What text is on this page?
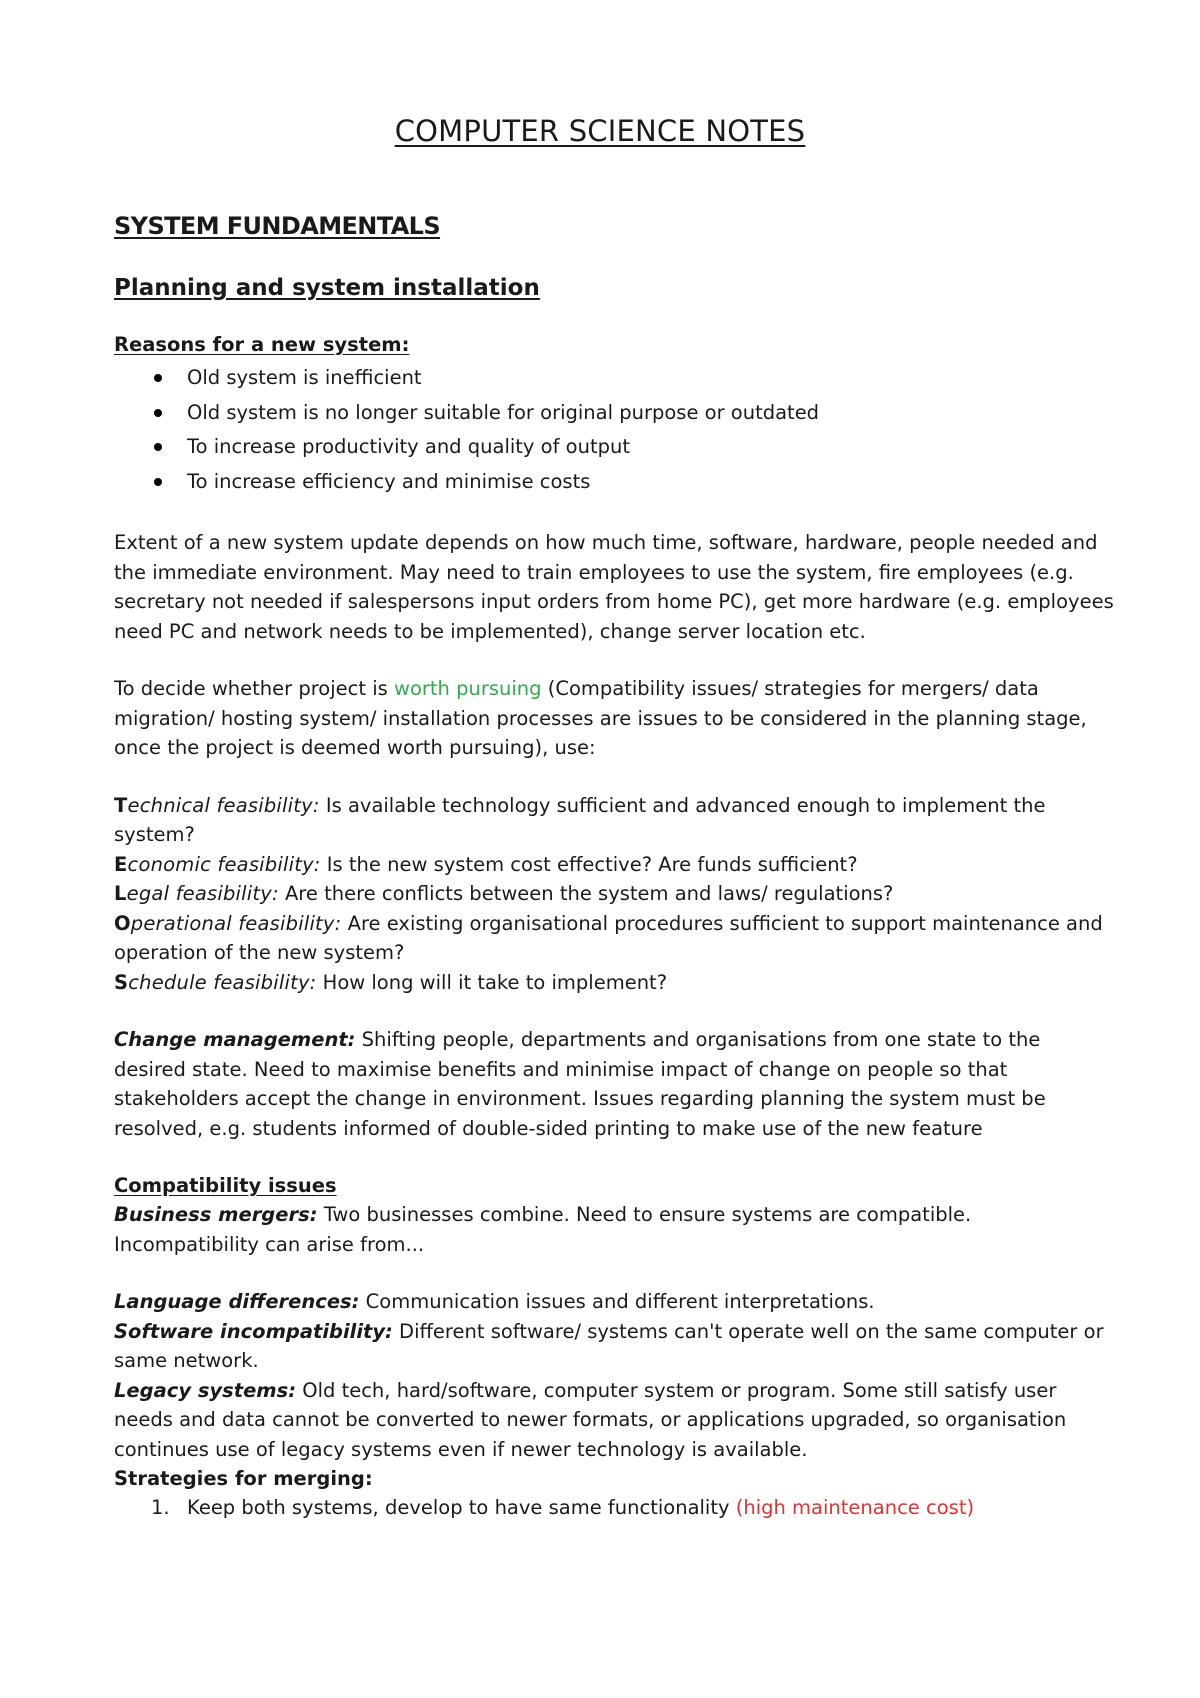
COMPUTER SCIENCE NOTES
SYSTEM FUNDAMENTALS
Planning and system installation
Reasons for a new system:
Old system is inefficient
Old system is no longer suitable for original purpose or outdated
To increase productivity and quality of output
To increase efficiency and minimise costs

Extent of a new system update depends on how much time, software, hardware, people needed and the immediate environment. May need to train employees to use the system, fire employees (e.g. secretary not needed if salespersons input orders from home PC), get more hardware (e.g. employees need PC and network needs to be implemented), change server location etc.

To decide whether project is worth pursuing (Compatibility issues/ strategies for mergers/ data migration/ hosting system/ installation processes are issues to be considered in the planning stage, once the project is deemed worth pursuing), use:

Technical feasibility: Is available technology sufficient and advanced enough to implement the system?

Economic feasibility: Is the new system cost effective? Are funds sufficient?

Legal feasibility: Are there conflicts between the system and laws/ regulations?

Operational feasibility: Are existing organisational procedures sufficient to support maintenance and operation of the new system?

Schedule feasibility: How long will it take to implement?

Change management: Shifting people, departments and organisations from one state to the desired state. Need to maximise benefits and minimise impact of change on people so that stakeholders accept the change in environment. Issues regarding planning the system must be resolved, e.g. students informed of double-sided printing to make use of the new feature

Compatibility issues

Business mergers: Two businesses combine. Need to ensure systems are compatible. Incompatibility can arise from...

Language differences: Communication issues and different interpretations.

Software incompatibility: Different software/ systems can't operate well on the same computer or same network.

Legacy systems: Old tech, hard/software, computer system or program. Some still satisfy user needs and data cannot be converted to newer formats, or applications upgraded, so organisation continues use of legacy systems even if newer technology is available.

Strategies for merging:
1. Keep both systems, develop to have same functionality (high maintenance cost)
